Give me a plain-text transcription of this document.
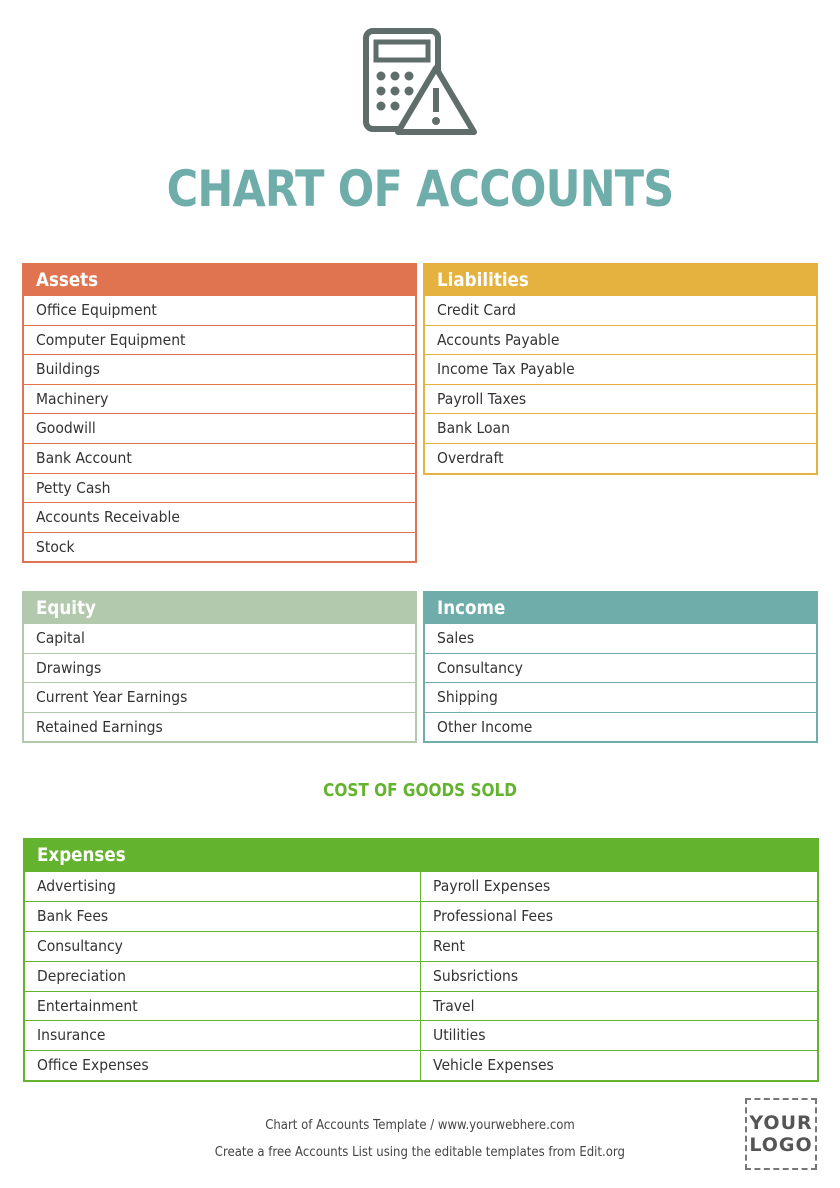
CHART OF ACCOUNTS
Assets
Office Equipment
Computer Equipment
Buildings
Machinery
Goodwill
Bank Account
Petty Cash
Accounts Receivable
Stock
Liabilities
Credit Card
Accounts Payable
Income Tax Payable
Payroll Taxes
Bank Loan
Overdraft
Equity
Capital
Drawings
Current Year Earnings
Retained Earnings
Income
Sales
Consultancy
Shipping
Other Income
COST OF GOODS SOLD
Expenses
Advertising
Bank Fees
Consultancy
Depreciation
Entertainment
Insurance
Office Expenses
Payroll Expenses
Professional Fees
Rent
Subsrictions
Travel
Utilities
Vehicle Expenses
Chart of Accounts Template / www.yourwebhere.com
Create a free Accounts List using the editable templates from Edit.org
YOUR
LOGO
